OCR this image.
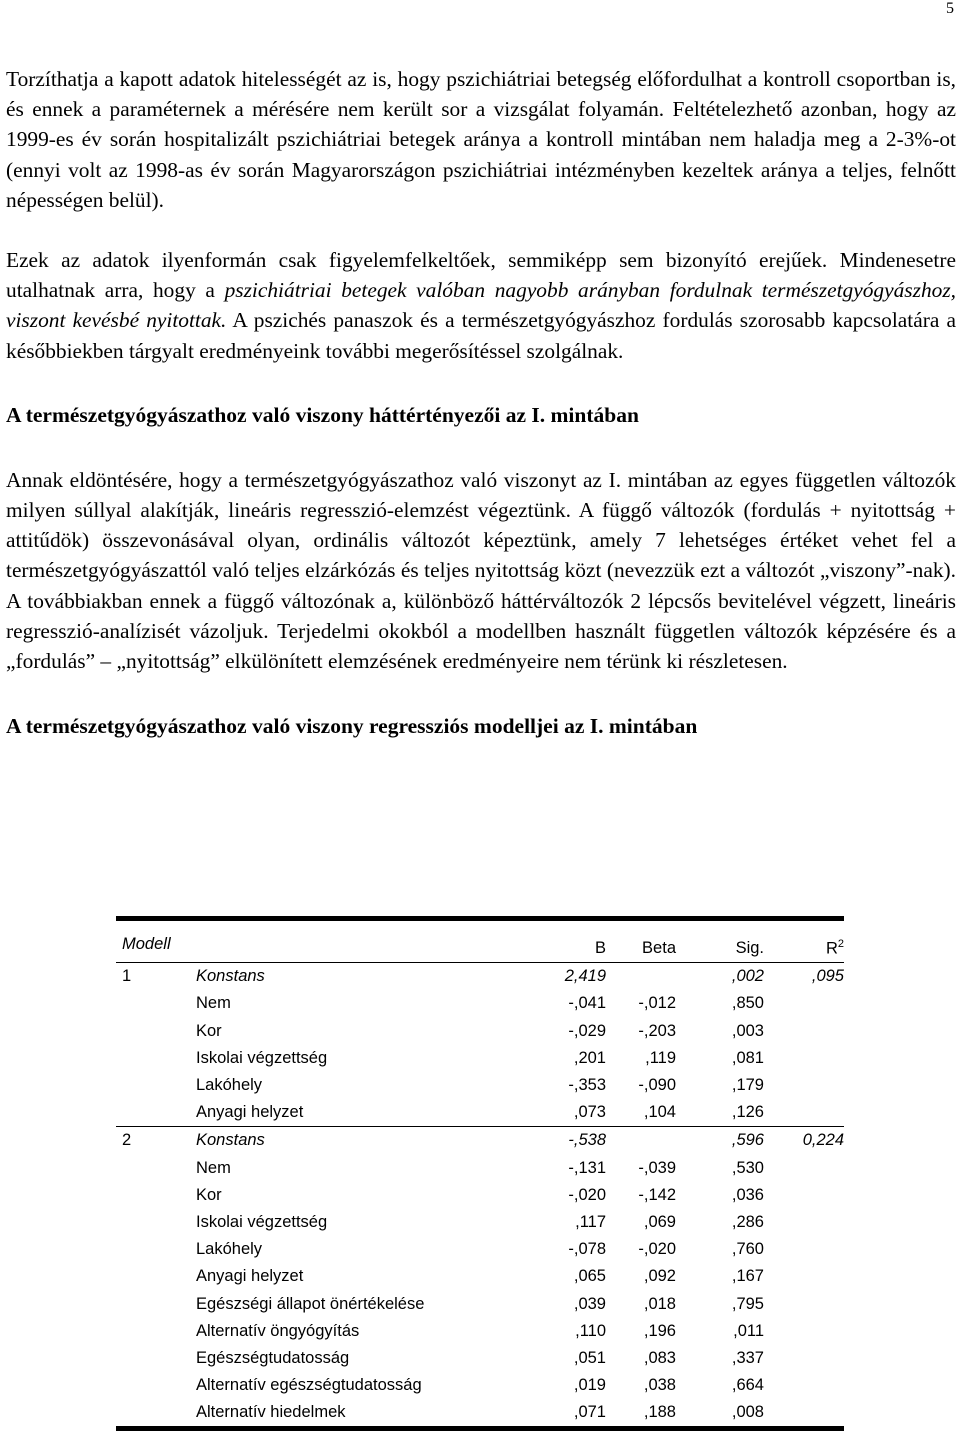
5

Torzíthatja a kapott adatok hitelességét az is, hogy pszichiátriai betegség előfordulhat a kontroll csoportban is, és ennek a paraméternek a mérésére nem került sor a vizsgálat folyamán. Feltételezhető azonban, hogy az 1999-es év során hospitalizált pszichiátriai betegek aránya a kontroll mintában nem haladja meg a 2-3%-ot (ennyi volt az 1998-as év során Magyarországon pszichiátriai intézményben kezeltek aránya a teljes, felnőtt népességen belül).

Ezek az adatok ilyenformán csak figyelemfelkeltőek, semmiképp sem bizonyító erejűek. Mindenesetre utalhatnak arra, hogy a pszichiátriai betegek valóban nagyobb arányban fordulnak természetgyógyászhoz, viszont kevésbé nyitottak. A pszichés panaszok és a természetgyógyászhoz fordulás szorosabb kapcsolatára a későbbiekben tárgyalt eredményeink további megerősítéssel szolgálnak.

A természetgyógyászathoz való viszony háttértényezői az I. mintában

Annak eldöntésére, hogy a természetgyógyászathoz való viszonyt az I. mintában az egyes független változók milyen súllyal alakítják, lineáris regresszió-elemzést végeztünk. A függő változók (fordulás + nyitottság + attitűdök) összevonásával olyan, ordinális változót képeztünk, amely 7 lehetséges értéket vehet fel a természetgyógyászattól való teljes elzárkózás és teljes nyitottság közt (nevezzük ezt a változót „viszony”-nak). A továbbiakban ennek a függő változónak a, különböző háttérváltozók 2 lépcsős bevitelével végzett, lineáris regresszió-analízisét vázoljuk. Terjedelmi okokból a modellben használt független változók képzésére és a „fordulás” – „nyitottság” elkülönített elemzésének eredményeire nem térünk ki részletesen.

A természetgyógyászathoz való viszony regressziós modelljei az I. mintában
Modell		B	Beta	Sig.	$R^2$
1	Konstans	2,419		,002	,095
	Nem	-,041	-,012	,850	
	Kor	-,029	-,203	,003	
	Iskolai végzettség	,201	,119	,081	
	Lakóhely	-,353	-,090	,179	
	Anyagi helyzet	,073	,104	,126	
2	Konstans	-,538		,596	0,224
	Nem	-,131	-,039	,530	
	Kor	-,020	-,142	,036	
	Iskolai végzettség	,117	,069	,286	
	Lakóhely	-,078	-,020	,760	
	Anyagi helyzet	,065	,092	,167	
	Egészségi állapot önértékelése	,039	,018	,795	
	Alternatív öngyógyítás	,110	,196	,011	
	Egészségtudatosság	,051	,083	,337	
	Alternatív egészségtudatosság	,019	,038	,664	
	Alternatív hiedelmek	,071	,188	,008	
